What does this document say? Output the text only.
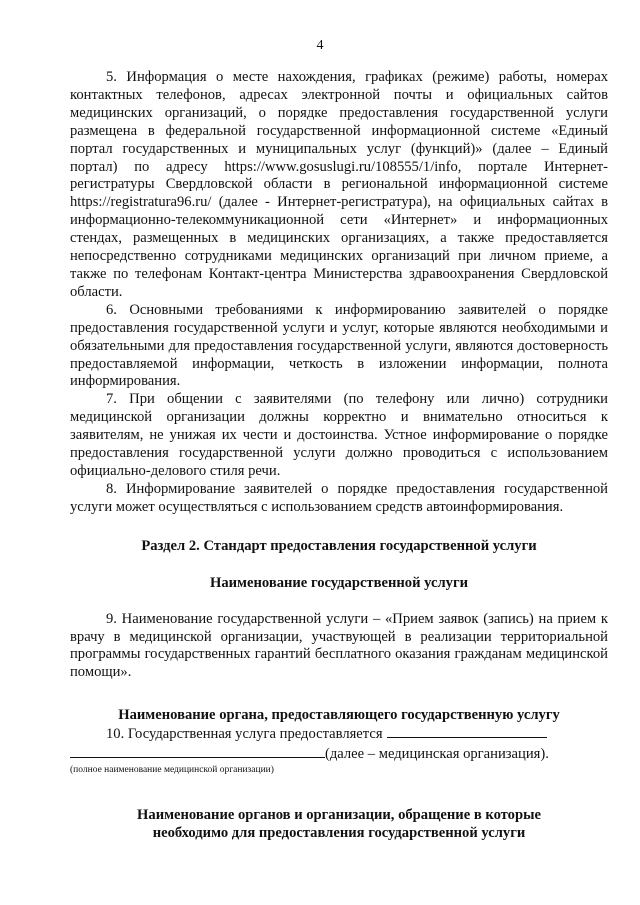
4

5. Информация о месте нахождения, графиках (режиме) работы, номерах контактных телефонов, адресах электронной почты и официальных сайтов медицинских организаций, о порядке предоставления государственной услуги размещена в федеральной государственной информационной системе «Единый портал государственных и муниципальных услуг (функций)» (далее – Единый портал) по адресу https://www.gosuslugi.ru/108555/1/info, портале Интернет-регистратуры Свердловской области в региональной информационной системе https://registratura96.ru/ (далее - Интернет-регистратура), на официальных сайтах в информационно-телекоммуникационной сети «Интернет» и информационных стендах, размещенных в медицинских организациях, а также предоставляется непосредственно сотрудниками медицинских организаций при личном приеме, а также по телефонам Контакт-центра Министерства здравоохранения Свердловской области.

6. Основными требованиями к информированию заявителей о порядке предоставления государственной услуги и услуг, которые являются необходимыми и обязательными для предоставления государственной услуги, являются достоверность предоставляемой информации, четкость в изложении информации, полнота информирования.

7. При общении с заявителями (по телефону или лично) сотрудники медицинской организации должны корректно и внимательно относиться к заявителям, не унижая их чести и достоинства. Устное информирование о порядке предоставления государственной услуги должно проводиться с использованием официально-делового стиля речи.

8. Информирование заявителей о порядке предоставления государственной услуги может осуществляться с использованием средств автоинформирования.

Раздел 2. Стандарт предоставления государственной услуги

Наименование государственной услуги

9. Наименование государственной услуги – «Прием заявок (запись) на прием к врачу в медицинской организации, участвующей в реализации территориальной программы государственных гарантий бесплатного оказания гражданам медицинской помощи».

Наименование органа, предоставляющего государственную услугу

10. Государственная услуга предоставляется

(далее – медицинская организация).

(полное наименование медицинской организации)

Наименование органов и организации, обращение в которые
необходимо для предоставления государственной услуги
